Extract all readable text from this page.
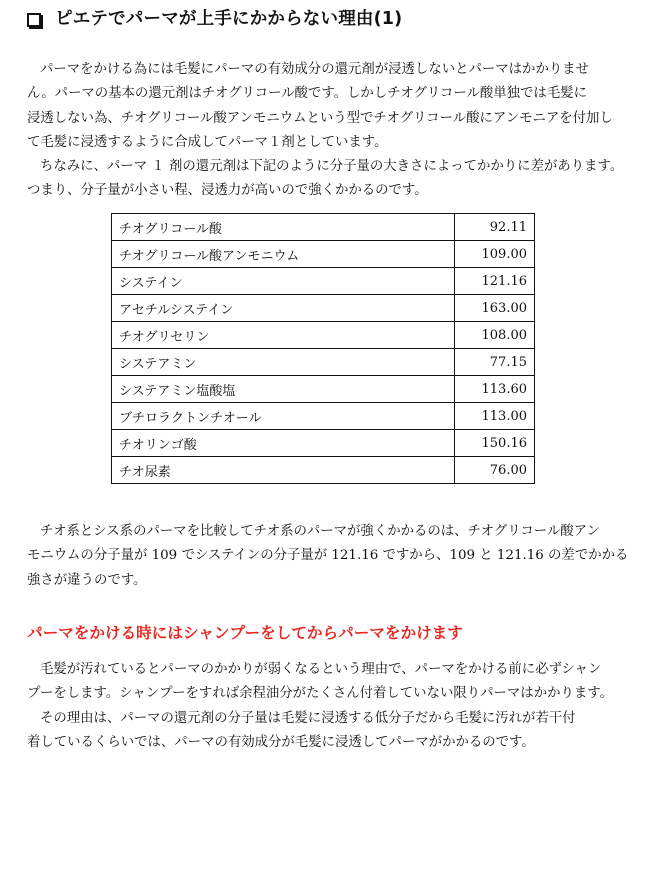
ピエテでパーマが上手にかからない理由(1)

パーマをかける為には毛髪にパーマの有効成分の還元剤が浸透しないとパーマはかかりませ

ん。パーマの基本の還元剤はチオグリコール酸です。しかしチオグリコール酸単独では毛髪に

浸透しない為、チオグリコール酸アンモニウムという型でチオグリコール酸にアンモニアを付加し

て毛髪に浸透するように合成してパーマ１剤としています。

ちなみに、パーマ １ 剤の還元剤は下記のように分子量の大きさによってかかりに差があります。

つまり、分子量が小さい程、浸透力が高いので強くかかるのです。

チオグリコール酸	92.11
チオグリコール酸アンモニウム	109.00
システイン	121.16
アセチルシステイン	163.00
チオグリセリン	108.00
システアミン	77.15
システアミン塩酸塩	113.60
ブチロラクトンチオール	113.00
チオリンゴ酸	150.16
チオ尿素	76.00

チオ系とシス系のパーマを比較してチオ系のパーマが強くかかるのは、チオグリコール酸アン

モニウムの分子量が 109 でシステインの分子量が 121.16 ですから、109 と 121.16 の差でかかる

強さが違うのです。

パーマをかける時にはシャンプーをしてからパーマをかけます

毛髪が汚れているとパーマのかかりが弱くなるという理由で、パーマをかける前に必ずシャン

プーをします。シャンプーをすれば余程油分がたくさん付着していない限りパーマはかかります。

その理由は、パーマの還元剤の分子量は毛髪に浸透する低分子だから毛髪に汚れが若干付

着しているくらいでは、パーマの有効成分が毛髪に浸透してパーマがかかるのです。
